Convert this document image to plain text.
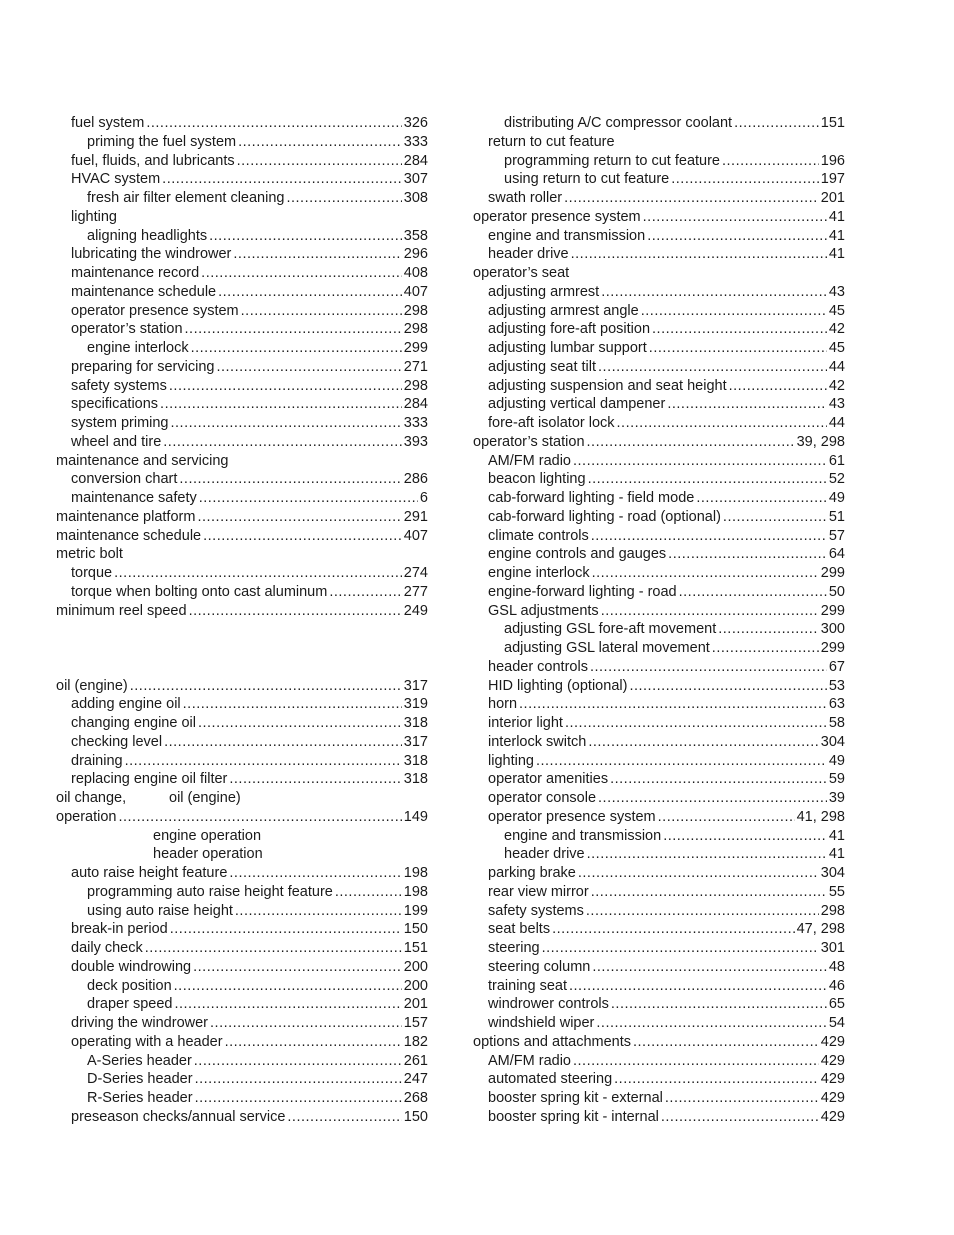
fuel system .....	326
priming the fuel system .....	333
fuel, fluids, and lubricants .....	284
HVAC system .....	307
fresh air filter element cleaning .....	308
lighting
aligning headlights .....	358
lubricating the windrower .....	296
maintenance record .....	408
maintenance schedule .....	407
operator presence system .....	298
operator’s station .....	298
engine interlock .....	299
preparing for servicing .....	271
safety systems .....	298
specifications .....	284
system priming .....	333
wheel and tire .....	393
maintenance and servicing
conversion chart .....	286
maintenance safety .....	6
maintenance platform .....	291
maintenance schedule .....	407
metric bolt
torque .....	274
torque when bolting onto cast aluminum .....	277
minimum reel speed .....	249
oil (engine) .....	317
adding engine oil .....	319
changing engine oil .....	318
checking level .....	317
draining .....	318
replacing engine oil filter .....	318
oil change,	oil (engine)
operation .....	149
engine operation
header operation
auto raise height feature .....	198
programming auto raise height feature .....	198
using auto raise height .....	199
break-in period .....	150
daily check .....	151
double windrowing .....	200
deck position .....	200
draper speed .....	201
driving the windrower .....	157
operating with a header .....	182
A-Series header .....	261
D-Series header .....	247
R-Series header .....	268
preseason checks/annual service .....	150
distributing A/C compressor coolant .....	151
return to cut feature
programming return to cut feature .....	196
using return to cut feature .....	197
swath roller .....	201
operator presence system .....	41
engine and transmission .....	41
header drive .....	41
operator’s seat
adjusting armrest .....	43
adjusting armrest angle .....	45
adjusting fore-aft position .....	42
adjusting lumbar support .....	45
adjusting seat tilt .....	44
adjusting suspension and seat height .....	42
adjusting vertical dampener .....	43
fore-aft isolator lock .....	44
operator’s station .....	39, 298
AM/FM radio .....	61
beacon lighting .....	52
cab-forward lighting - field mode .....	49
cab-forward lighting - road (optional) .....	51
climate controls .....	57
engine controls and gauges .....	64
engine interlock .....	299
engine-forward lighting - road .....	50
GSL adjustments .....	299
adjusting GSL fore-aft movement .....	300
adjusting GSL lateral movement .....	299
header controls .....	67
HID lighting (optional) .....	53
horn .....	63
interior light .....	58
interlock switch .....	304
lighting .....	49
operator amenities .....	59
operator console .....	39
operator presence system .....	41, 298
engine and transmission .....	41
header drive .....	41
parking brake .....	304
rear view mirror .....	55
safety systems .....	298
seat belts .....	47, 298
steering .....	301
steering column .....	48
training seat .....	46
windrower controls .....	65
windshield wiper .....	54
options and attachments .....	429
AM/FM radio .....	429
automated steering .....	429
booster spring kit - external .....	429
booster spring kit - internal .....	429
